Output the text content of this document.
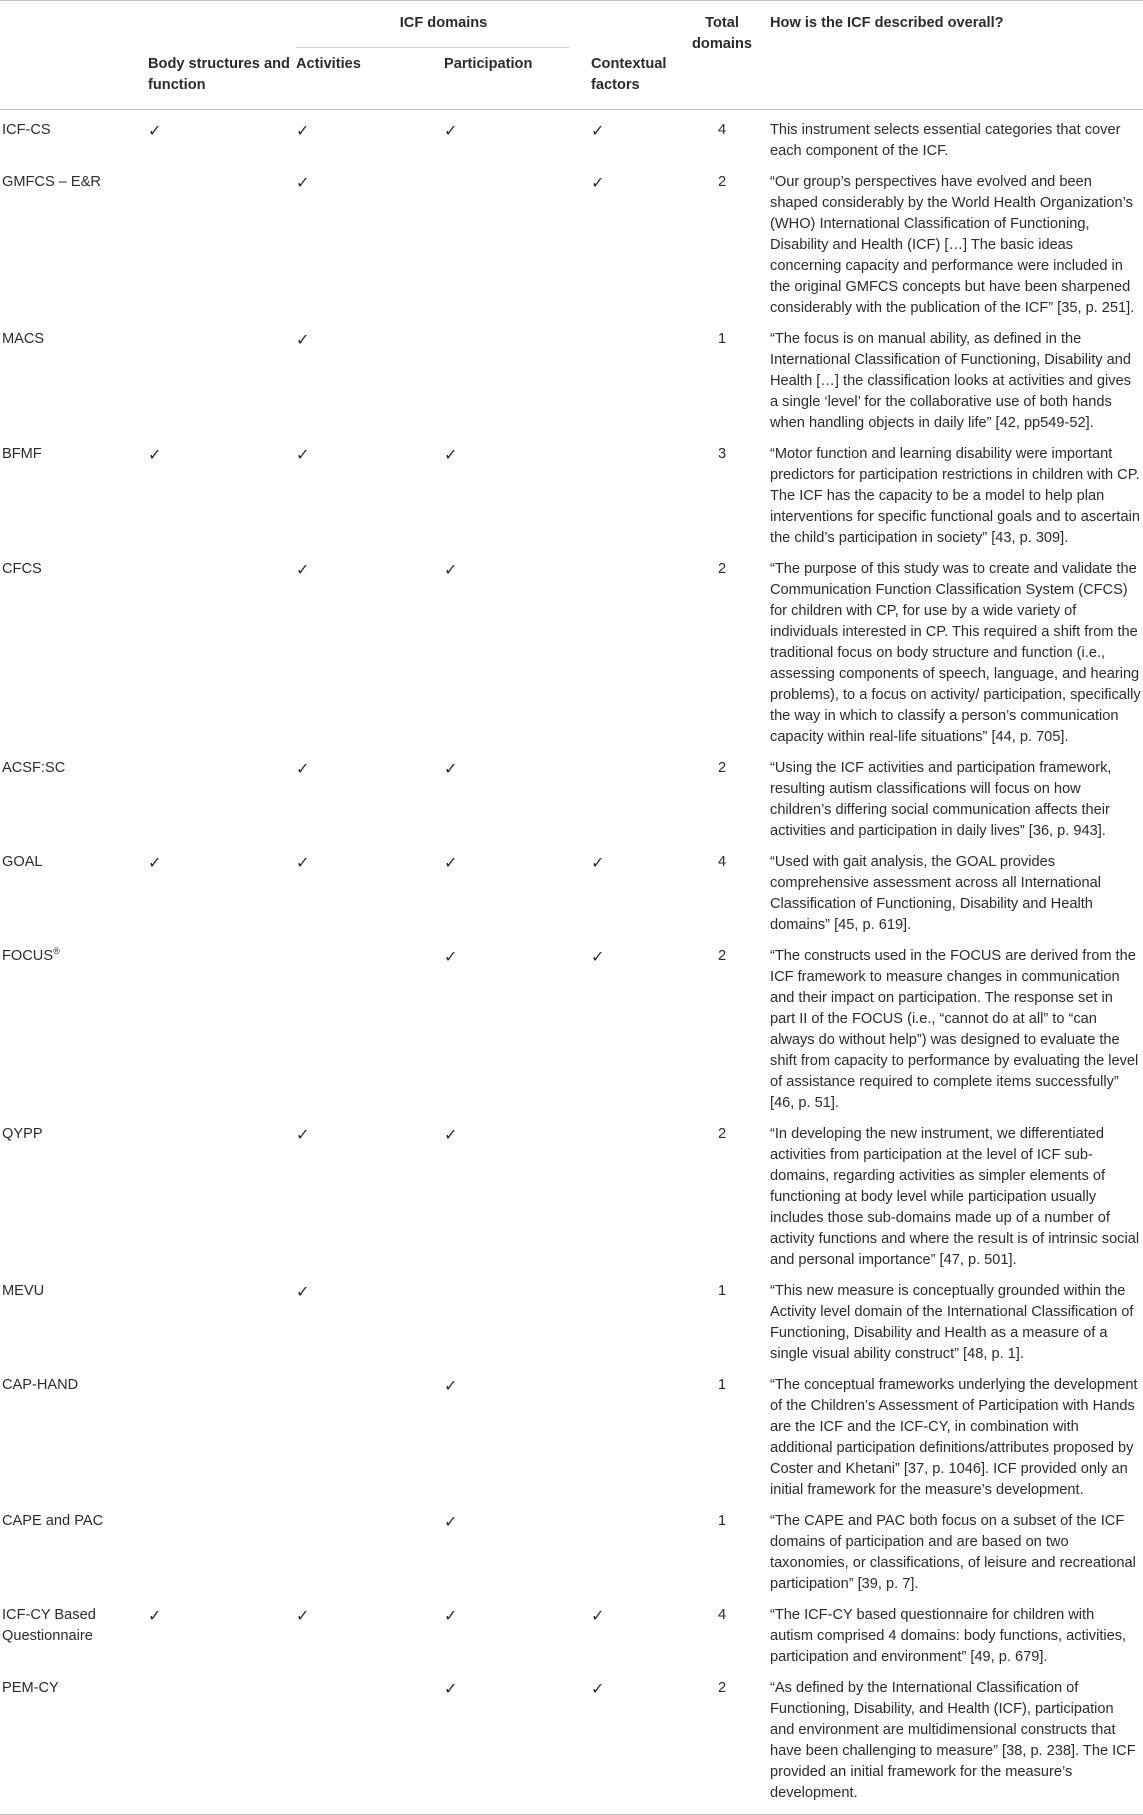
		ICF domains			Total domains	How is the ICF described overall?
	Body structures and function	Activities	Participation	Contextual factors		
ICF-CS	✓	✓	✓	✓	4	This instrument selects essential categories that cover each component of the ICF.
GMFCS – E&R		✓		✓	2	“Our group’s perspectives have evolved and been shaped considerably by the World Health Organization’s (WHO) International Classification of Functioning, Disability and Health (ICF) […] The basic ideas concerning capacity and performance were included in the original GMFCS concepts but have been sharpened considerably with the publication of the ICF” [35, p. 251].
MACS		✓			1	“The focus is on manual ability, as defined in the International Classification of Functioning, Disability and Health […] the classification looks at activities and gives a single ‘level’ for the collaborative use of both hands when handling objects in daily life” [42, pp549-52].
BFMF	✓	✓	✓		3	“Motor function and learning disability were important predictors for participation restrictions in children with CP. The ICF has the capacity to be a model to help plan interventions for specific functional goals and to ascertain the child’s participation in society” [43, p. 309].
CFCS		✓	✓		2	“The purpose of this study was to create and validate the Communication Function Classification System (CFCS) for children with CP, for use by a wide variety of individuals interested in CP. This required a shift from the traditional focus on body structure and function (i.e., assessing components of speech, language, and hearing problems), to a focus on activity/ participation, specifically the way in which to classify a person’s communication capacity within real-life situations” [44, p. 705].
ACSF:SC		✓	✓		2	“Using the ICF activities and participation framework, resulting autism classifications will focus on how children’s differing social communication affects their activities and participation in daily lives” [36, p. 943].
GOAL	✓	✓	✓	✓	4	“Used with gait analysis, the GOAL provides comprehensive assessment across all International Classification of Functioning, Disability and Health domains” [45, p. 619].
FOCUS®			✓	✓	2	“The constructs used in the FOCUS are derived from the ICF framework to measure changes in communication and their impact on participation. The response set in part II of the FOCUS (i.e., “cannot do at all” to “can always do without help”) was designed to evaluate the shift from capacity to performance by evaluating the level of assistance required to complete items successfully” [46, p. 51].
QYPP		✓	✓		2	“In developing the new instrument, we differentiated activities from participation at the level of ICF sub-domains, regarding activities as simpler elements of functioning at body level while participation usually includes those sub-domains made up of a number of activity functions and where the result is of intrinsic social and personal importance” [47, p. 501].
MEVU		✓			1	“This new measure is conceptually grounded within the Activity level domain of the International Classification of Functioning, Disability and Health as a measure of a single visual ability construct” [48, p. 1].
CAP-HAND			✓		1	“The conceptual frameworks underlying the development of the Children’s Assessment of Participation with Hands are the ICF and the ICF-CY, in combination with additional participation definitions/attributes proposed by Coster and Khetani” [37, p. 1046]. ICF provided only an initial framework for the measure’s development.
CAPE and PAC			✓		1	“The CAPE and PAC both focus on a subset of the ICF domains of participation and are based on two taxonomies, or classifications, of leisure and recreational participation” [39, p. 7].
ICF-CY Based Questionnaire	✓	✓	✓	✓	4	“The ICF-CY based questionnaire for children with autism comprised 4 domains: body functions, activities, participation and environment” [49, p. 679].
PEM-CY			✓	✓	2	“As defined by the International Classification of Functioning, Disability, and Health (ICF), participation and environment are multidimensional constructs that have been challenging to measure” [38, p. 238]. The ICF provided an initial framework for the measure’s development.
